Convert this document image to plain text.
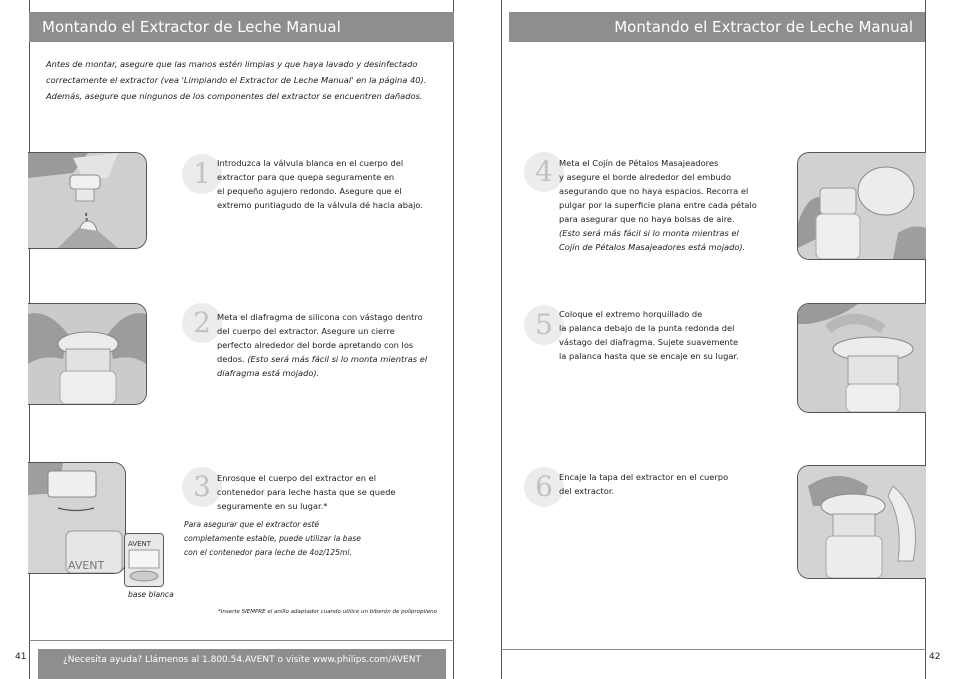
Montando el Extractor de Leche Manual
Antes de montar, asegure que las manos estén limpias y que haya lavado y desinfectado
correctamente el extractor (vea 'Limpiando el Extractor de Leche Manual' en la página 40).
Además, asegure que ningunos de los componentes del extractor se encuentren dañados.
1 Introduzca la válvula blanca en el cuerpo del
extractor para que quepa seguramente en
el pequeño agujero redondo. Asegure que el
extremo puntiagudo de la válvula dé hacia abajo.
2 Meta el diafragma de silicona con vástago dentro
del cuerpo del extractor. Asegure un cierre
perfecto alrededor del borde apretando con los
dedos. (Esto será más fácil si lo monta mientras el
diafragma está mojado).
AVENT
AVENT
base blanca
3 Enrosque el cuerpo del extractor en el
contenedor para leche hasta que se quede
seguramente en su lugar.*
Para asegurar que el extractor esté
completamente estable, puede utilizar la base
con el contenedor para leche de 4oz/125ml.
*Inserte SIEMPRE el anillo adaptador cuando utilice un biberón de polipropileno
41	¿Necesita ayuda? Llámenos al 1.800.54.AVENT o visite www.philips.com/AVENT
Montando el Extractor de Leche Manual
4 Meta el Cojín de Pétalos Masajeadores
y asegure el borde alrededor del embudo
asegurando que no haya espacios. Recorra el
pulgar por la superficie plana entre cada pétalo
para asegurar que no haya bolsas de aire.
(Esto será más fácil si lo monta mientras el
Cojín de Pétalos Masajeadores está mojado).
5 Coloque el extremo horquillado de
la palanca debajo de la punta redonda del
vástago del diafragma. Sujete suavemente
la palanca hasta que se encaje en su lugar.
6 Encaje la tapa del extractor en el cuerpo
del extractor.
42
